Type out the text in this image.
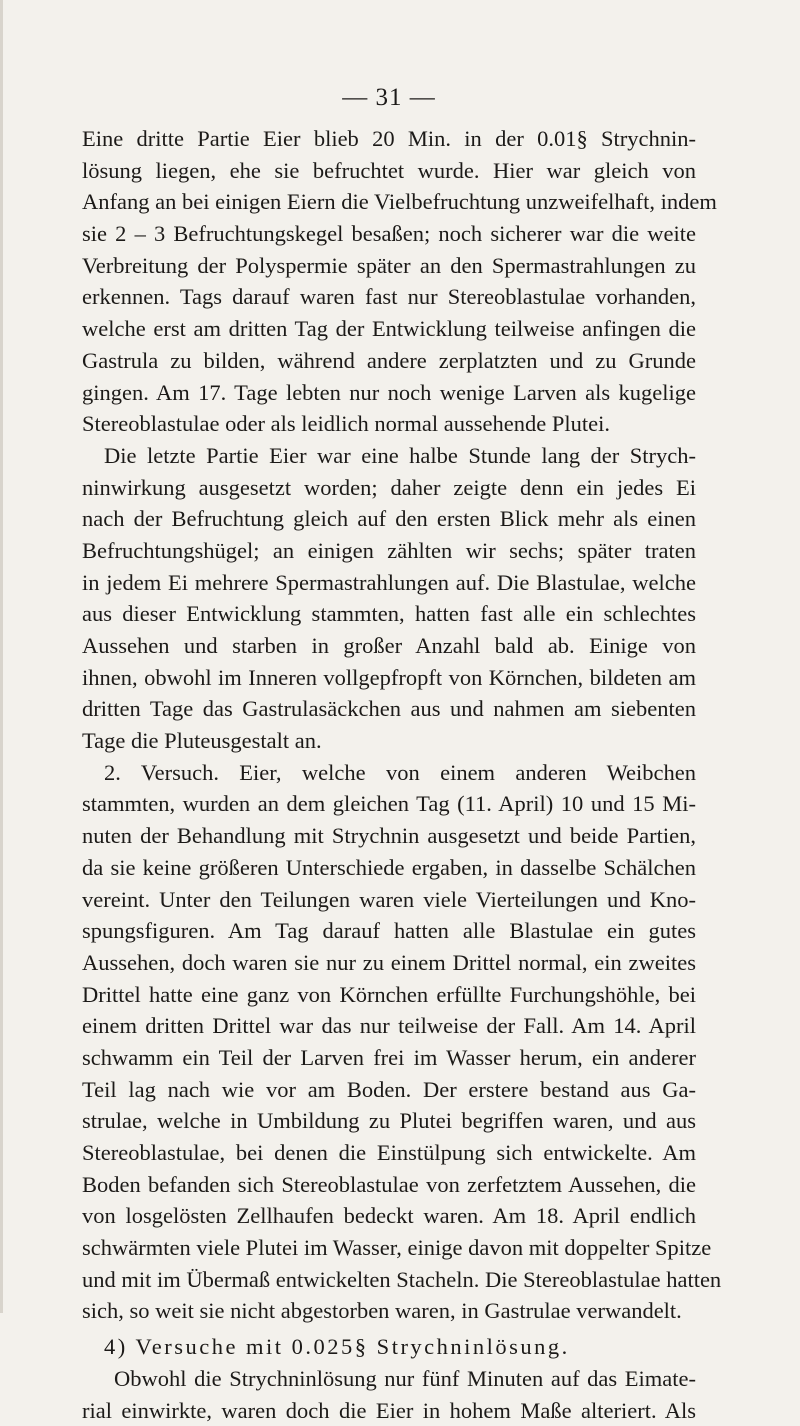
— 31 —
Eine dritte Partie Eier blieb 20 Min. in der 0.01§ Strychnin-
lösung liegen, ehe sie befruchtet wurde. Hier war gleich von
Anfang an bei einigen Eiern die Vielbefruchtung unzweifelhaft, indem
sie 2 – 3 Befruchtungskegel besaßen; noch sicherer war die weite
Verbreitung der Polyspermie später an den Spermastrahlungen zu
erkennen. Tags darauf waren fast nur Stereoblastulae vorhanden,
welche erst am dritten Tag der Entwicklung teilweise anfingen die
Gastrula zu bilden, während andere zerplatzten und zu Grunde
gingen. Am 17. Tage lebten nur noch wenige Larven als kugelige
Stereoblastulae oder als leidlich normal aussehende Plutei.
Die letzte Partie Eier war eine halbe Stunde lang der Strych-
ninwirkung ausgesetzt worden; daher zeigte denn ein jedes Ei
nach der Befruchtung gleich auf den ersten Blick mehr als einen
Befruchtungshügel; an einigen zählten wir sechs; später traten
in jedem Ei mehrere Spermastrahlungen auf. Die Blastulae, welche
aus dieser Entwicklung stammten, hatten fast alle ein schlechtes
Aussehen und starben in großer Anzahl bald ab. Einige von
ihnen, obwohl im Inneren vollgepfropft von Körnchen, bildeten am
dritten Tage das Gastrulasäckchen aus und nahmen am siebenten
Tage die Pluteusgestalt an.
2. Versuch. Eier, welche von einem anderen Weibchen
stammten, wurden an dem gleichen Tag (11. April) 10 und 15 Mi-
nuten der Behandlung mit Strychnin ausgesetzt und beide Partien,
da sie keine größeren Unterschiede ergaben, in dasselbe Schälchen
vereint. Unter den Teilungen waren viele Vierteilungen und Kno-
spungsfiguren. Am Tag darauf hatten alle Blastulae ein gutes
Aussehen, doch waren sie nur zu einem Drittel normal, ein zweites
Drittel hatte eine ganz von Körnchen erfüllte Furchungshöhle, bei
einem dritten Drittel war das nur teilweise der Fall. Am 14. April
schwamm ein Teil der Larven frei im Wasser herum, ein anderer
Teil lag nach wie vor am Boden. Der erstere bestand aus Ga-
strulae, welche in Umbildung zu Plutei begriffen waren, und aus
Stereoblastulae, bei denen die Einstülpung sich entwickelte. Am
Boden befanden sich Stereoblastulae von zerfetztem Aussehen, die
von losgelösten Zellhaufen bedeckt waren. Am 18. April endlich
schwärmten viele Plutei im Wasser, einige davon mit doppelter Spitze
und mit im Übermaß entwickelten Stacheln. Die Stereoblastulae hatten
sich, so weit sie nicht abgestorben waren, in Gastrulae verwandelt.
4) Versuche mit 0.025§ Strychninlösung.
Obwohl die Strychninlösung nur fünf Minuten auf das Eimate-
rial einwirkte, waren doch die Eier in hohem Maße alteriert. Als
